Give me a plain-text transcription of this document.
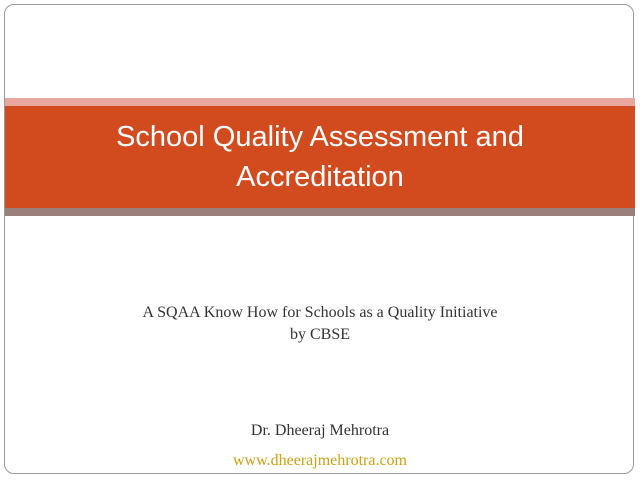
School Quality Assessment and Accreditation
A SQAA Know How for Schools as a Quality Initiative
by CBSE
Dr. Dheeraj Mehrotra
www.dheerajmehrotra.com
